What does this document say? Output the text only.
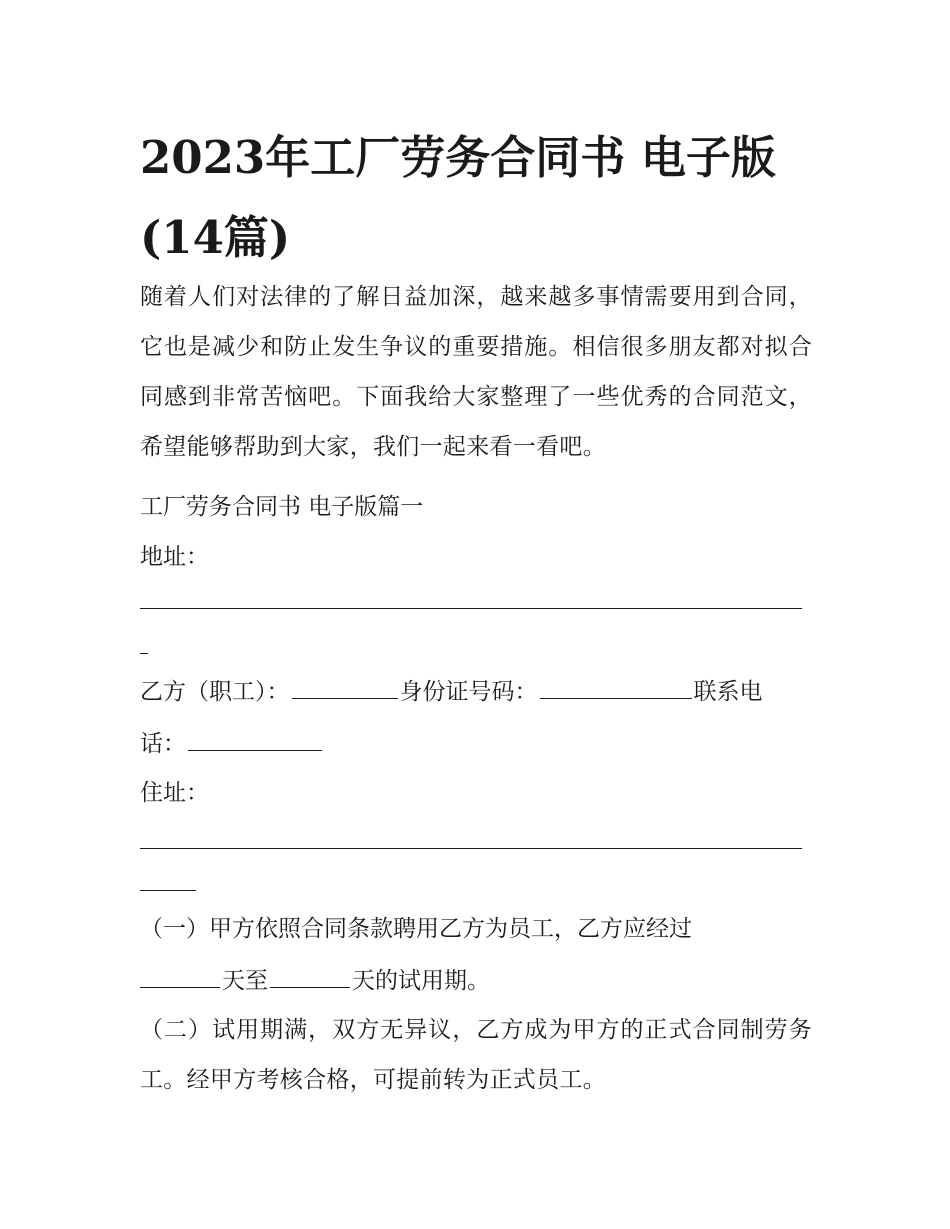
2023年工厂劳务合同书 电子版(14篇)

随着人们对法律的了解日益加深，越来越多事情需要用到合同，它也是减少和防止发生争议的重要措施。相信很多朋友都对拟合同感到非常苦恼吧。下面我给大家整理了一些优秀的合同范文，希望能够帮助到大家，我们一起来看一看吧。

工厂劳务合同书 电子版篇一
地址：
乙方（职工）：	身份证号码：	联系电
话：
住址：
（一）甲方依照合同条款聘用乙方为员工，乙方应经过
天至	天的试用期。

（二）试用期满，双方无异议，乙方成为甲方的正式合同制劳务工。经甲方考核合格，可提前转为正式员工。
